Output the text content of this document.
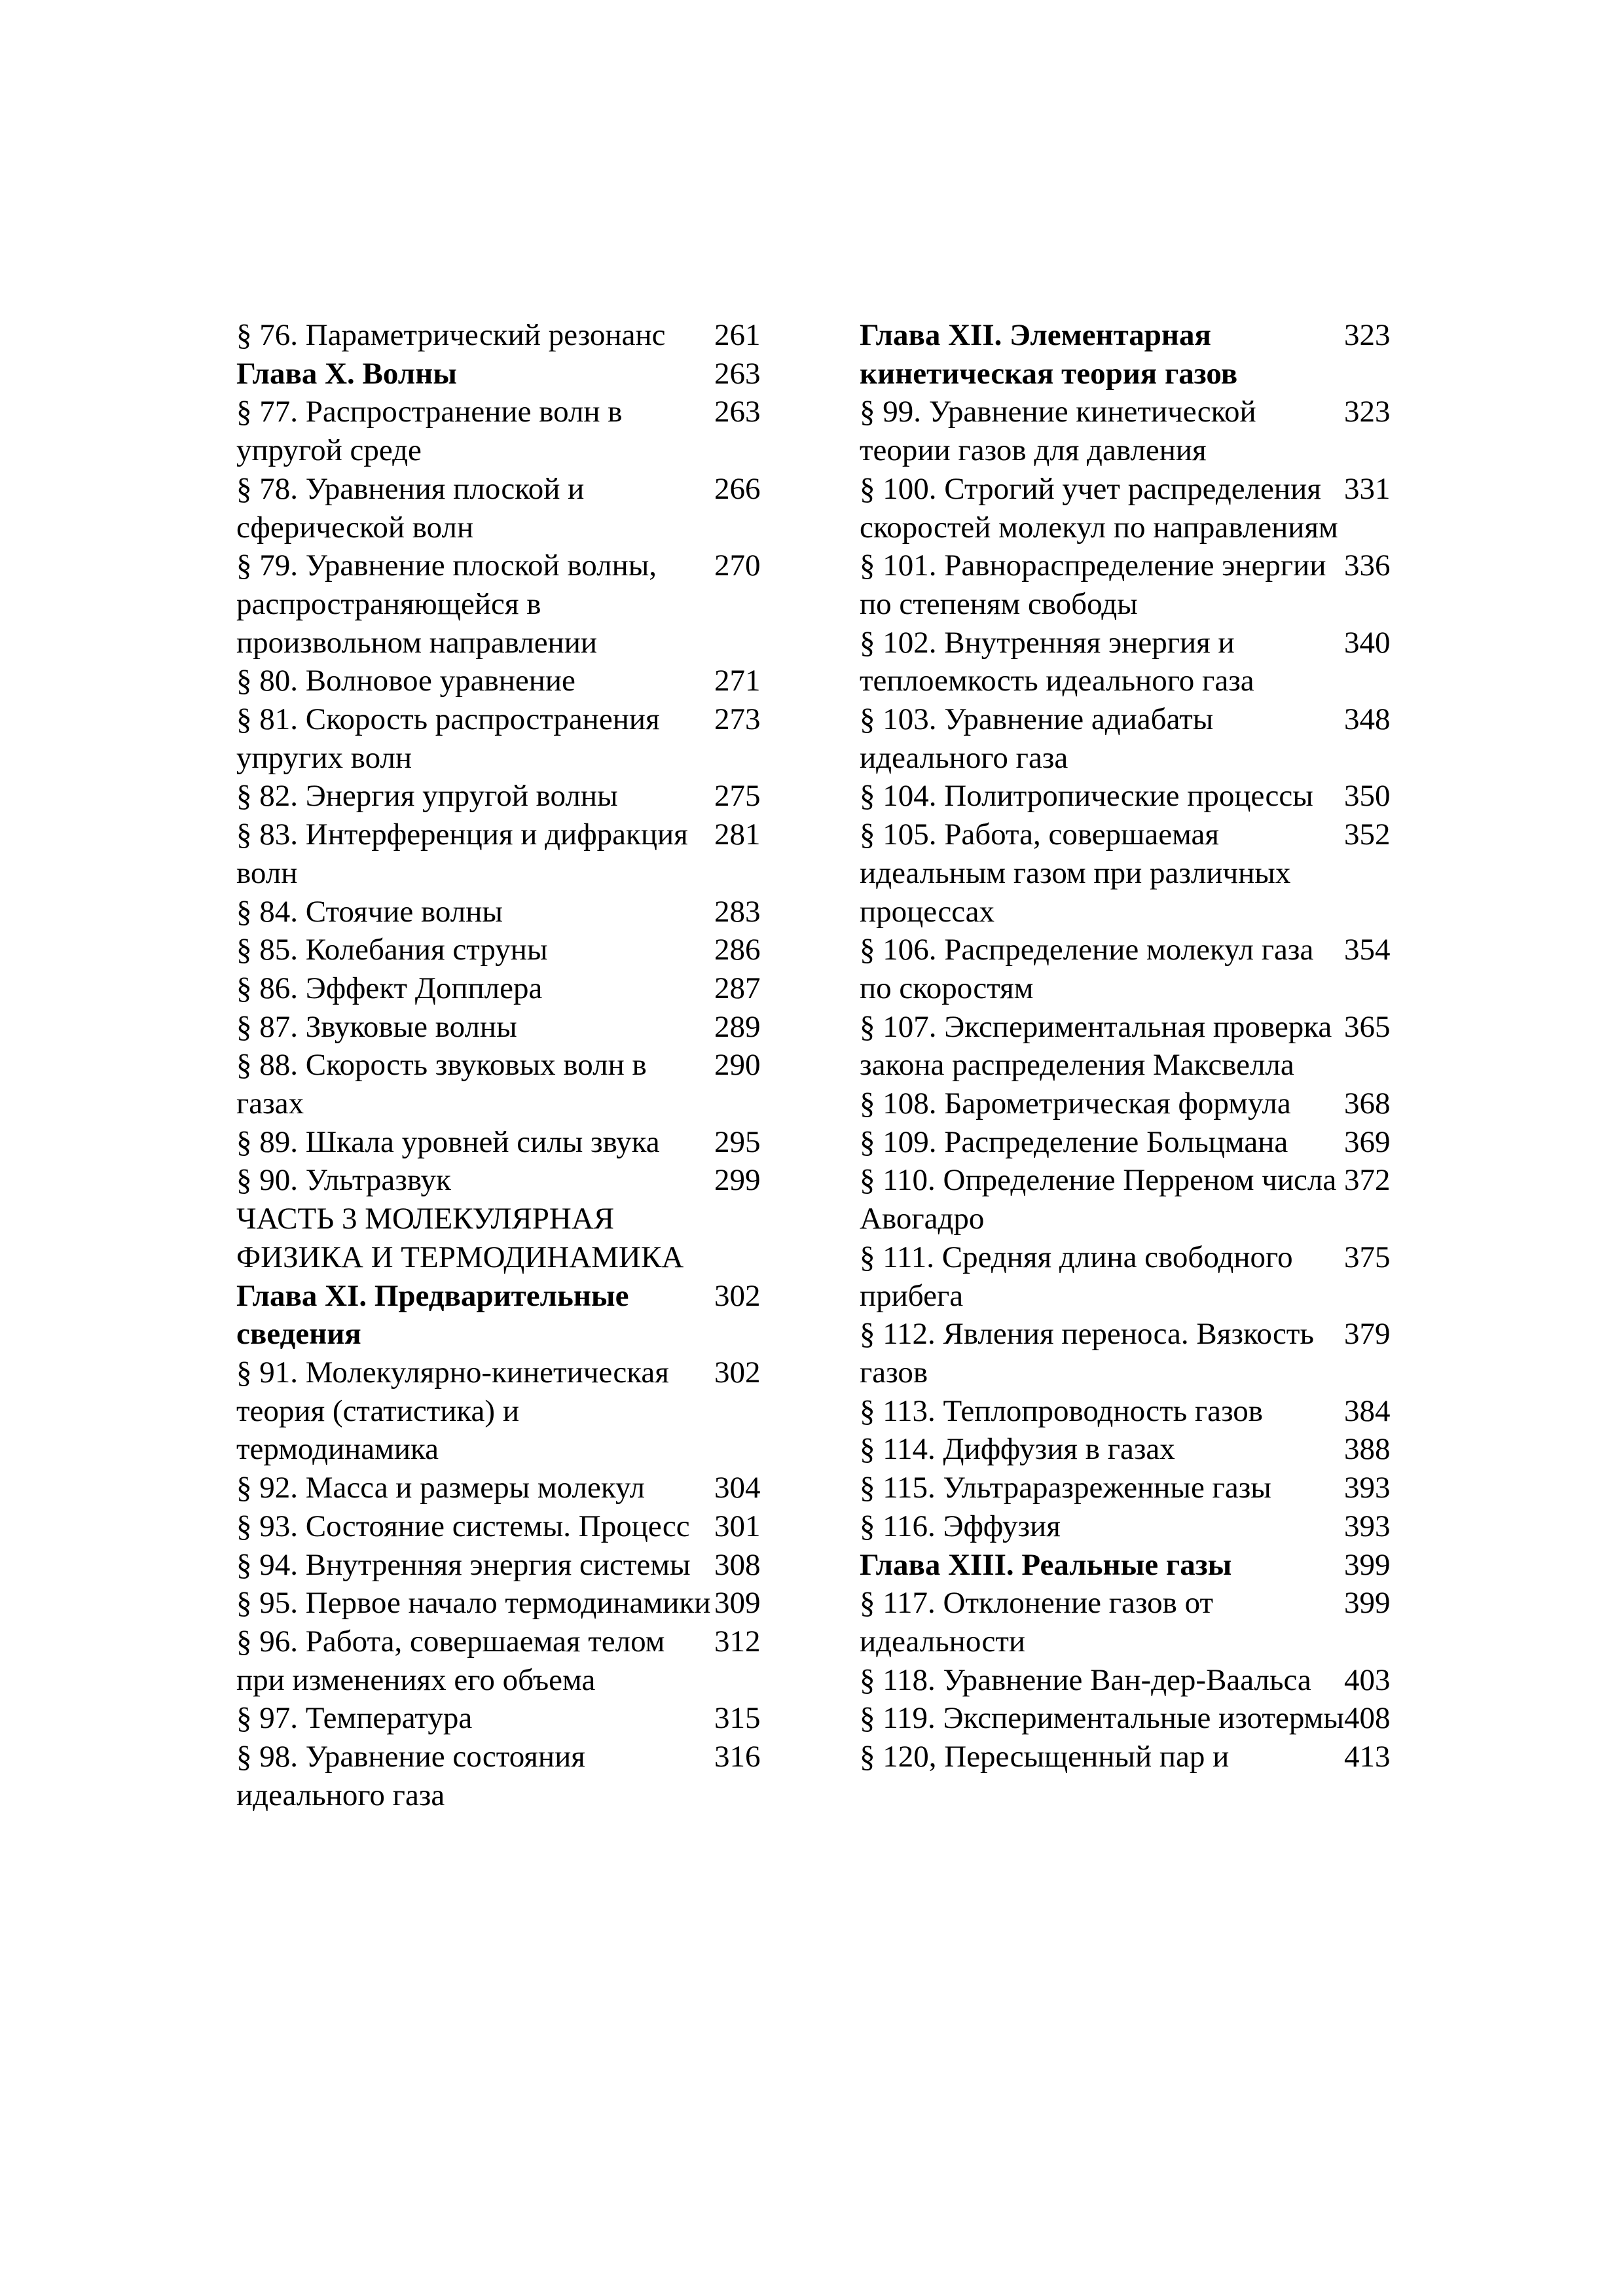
§ 76. Параметрический резонанс	261
Глава X. Волны	263
§ 77. Распространение волн в упругой среде
263
§ 78. Уравнения плоской и сферической волн
266
§ 79. Уравнение плоской волны, распространяющейся в произвольном направлении
270
§ 80. Волновое уравнение	271
§ 81. Скорость распространения упругих волн
273
§ 82. Энергия упругой волны	275
§ 83. Интерференция и дифракция волн
281
§ 84. Стоячие волны	283
§ 85. Колебания струны	286
§ 86. Эффект Допплера	287
§ 87. Звуковые волны	289
§ 88. Скорость звуковых волн в газах
290
§ 89. Шкала уровней силы звука	295
§ 90. Ультразвук	299
ЧАСТЬ 3 МОЛЕКУЛЯРНАЯ ФИЗИКА И ТЕРМОДИНАМИКА
Глава XI. Предварительные сведения
302
§ 91. Молекулярно-кинетическая теория (статистика) и термодинамика
302
§ 92. Масса и размеры молекул	304
§ 93. Состояние системы. Процесс 301
§ 94. Внутренняя энергия системы 308
§ 95. Первое начало термодинамики 309
§ 96. Работа, совершаемая телом при изменениях его объема
312
§ 97. Температура	315
§ 98. Уравнение состояния идеального газа
316
Глава XII. Элементарная кинетическая теория газов
323
§ 99. Уравнение кинетической теории газов для давления
323
§ 100. Строгий учет распределения скоростей молекул по направлениям
331
§ 101. Равнораспределение энергии по степеням свободы
336
§ 102. Внутренняя энергия и теплоемкость идеального газа
340
§ 103. Уравнение адиабаты идеального газа
348
§ 104. Политропические процессы	350
§ 105. Работа, совершаемая идеальным газом при различных процессах
352
§ 106. Распределение молекул газа по скоростям
354
§ 107. Экспериментальная проверка закона распределения Максвелла
365
§ 108. Барометрическая формула	368
§ 109. Распределение Больцмана	369
§ 110. Определение Перреном числа Авогадро
372
§ 111. Средняя длина свободного прибега
375
§ 112. Явления переноса. Вязкость газов
379
§ 113. Теплопроводность газов	384
§ 114. Диффузия в газах	388
§ 115. Ультраразреженные газы	393
§ 116. Эффузия	393
Глава XIII. Реальные газы	399
§ 117. Отклонение газов от идеальности
399
§ 118. Уравнение Ван-дер-Ваальса	403
§ 119. Экспериментальные изотермы 408
§ 120, Пересыщенный пар и	413
